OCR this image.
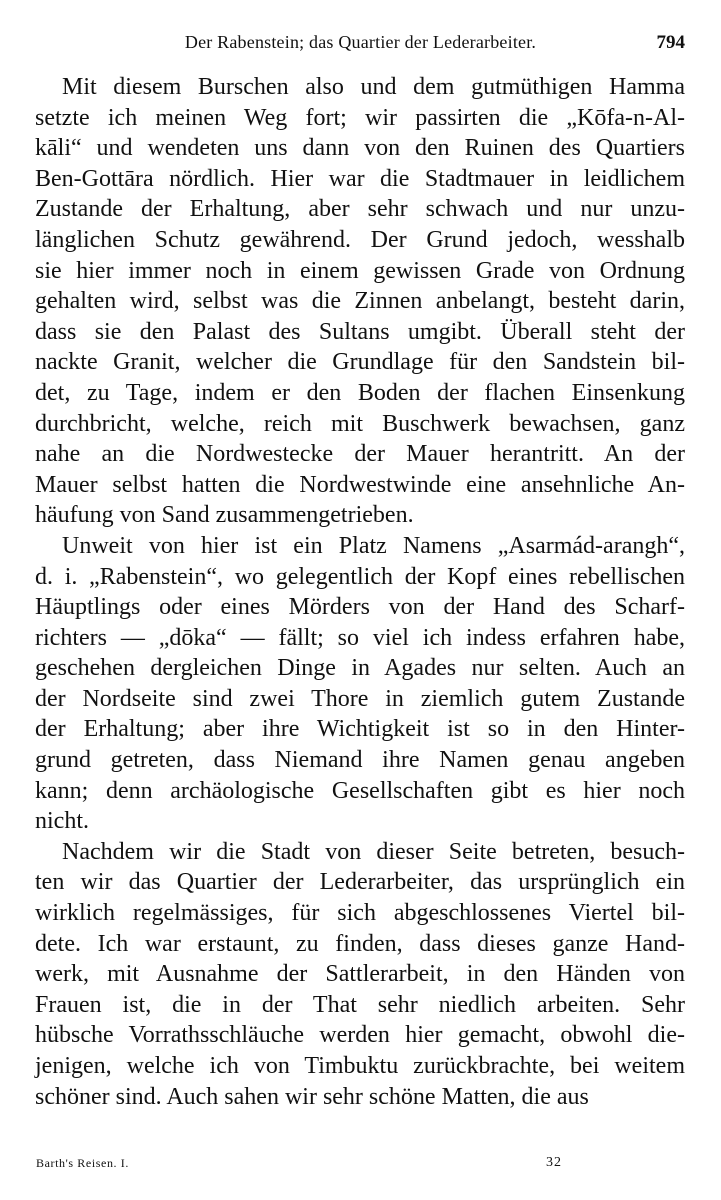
Der Rabenstein; das Quartier der Lederarbeiter.	794
Mit diesem Burschen also und dem gutmüthigen Hamma
setzte ich meinen Weg fort; wir passirten die „Kōfa-n-Al-
kāli“ und wendeten uns dann von den Ruinen des Quartiers
Ben-Gottāra nördlich. Hier war die Stadtmauer in leidlichem
Zustande der Erhaltung, aber sehr schwach und nur unzu-
länglichen Schutz gewährend. Der Grund jedoch, wesshalb
sie hier immer noch in einem gewissen Grade von Ordnung
gehalten wird, selbst was die Zinnen anbelangt, besteht darin,
dass sie den Palast des Sultans umgibt. Überall steht der
nackte Granit, welcher die Grundlage für den Sandstein bil-
det, zu Tage, indem er den Boden der flachen Einsenkung
durchbricht, welche, reich mit Buschwerk bewachsen, ganz
nahe an die Nordwestecke der Mauer herantritt. An der
Mauer selbst hatten die Nordwestwinde eine ansehnliche An-
häufung von Sand zusammengetrieben.
Unweit von hier ist ein Platz Namens „Asarmád-arangh“,
d. i. „Rabenstein“, wo gelegentlich der Kopf eines rebellischen
Häuptlings oder eines Mörders von der Hand des Scharf-
richters — „dōka“ — fällt; so viel ich indess erfahren habe,
geschehen dergleichen Dinge in Agades nur selten. Auch an
der Nordseite sind zwei Thore in ziemlich gutem Zustande
der Erhaltung; aber ihre Wichtigkeit ist so in den Hinter-
grund getreten, dass Niemand ihre Namen genau angeben
kann; denn archäologische Gesellschaften gibt es hier noch
nicht.
Nachdem wir die Stadt von dieser Seite betreten, besuch-
ten wir das Quartier der Lederarbeiter, das ursprünglich ein
wirklich regelmässiges, für sich abgeschlossenes Viertel bil-
dete. Ich war erstaunt, zu finden, dass dieses ganze Hand-
werk, mit Ausnahme der Sattlerarbeit, in den Händen von
Frauen ist, die in der That sehr niedlich arbeiten. Sehr
hübsche Vorrathsschläuche werden hier gemacht, obwohl die-
jenigen, welche ich von Timbuktu zurückbrachte, bei weitem
schöner sind. Auch sahen wir sehr schöne Matten, die aus
Barth's Reisen. I.	32
